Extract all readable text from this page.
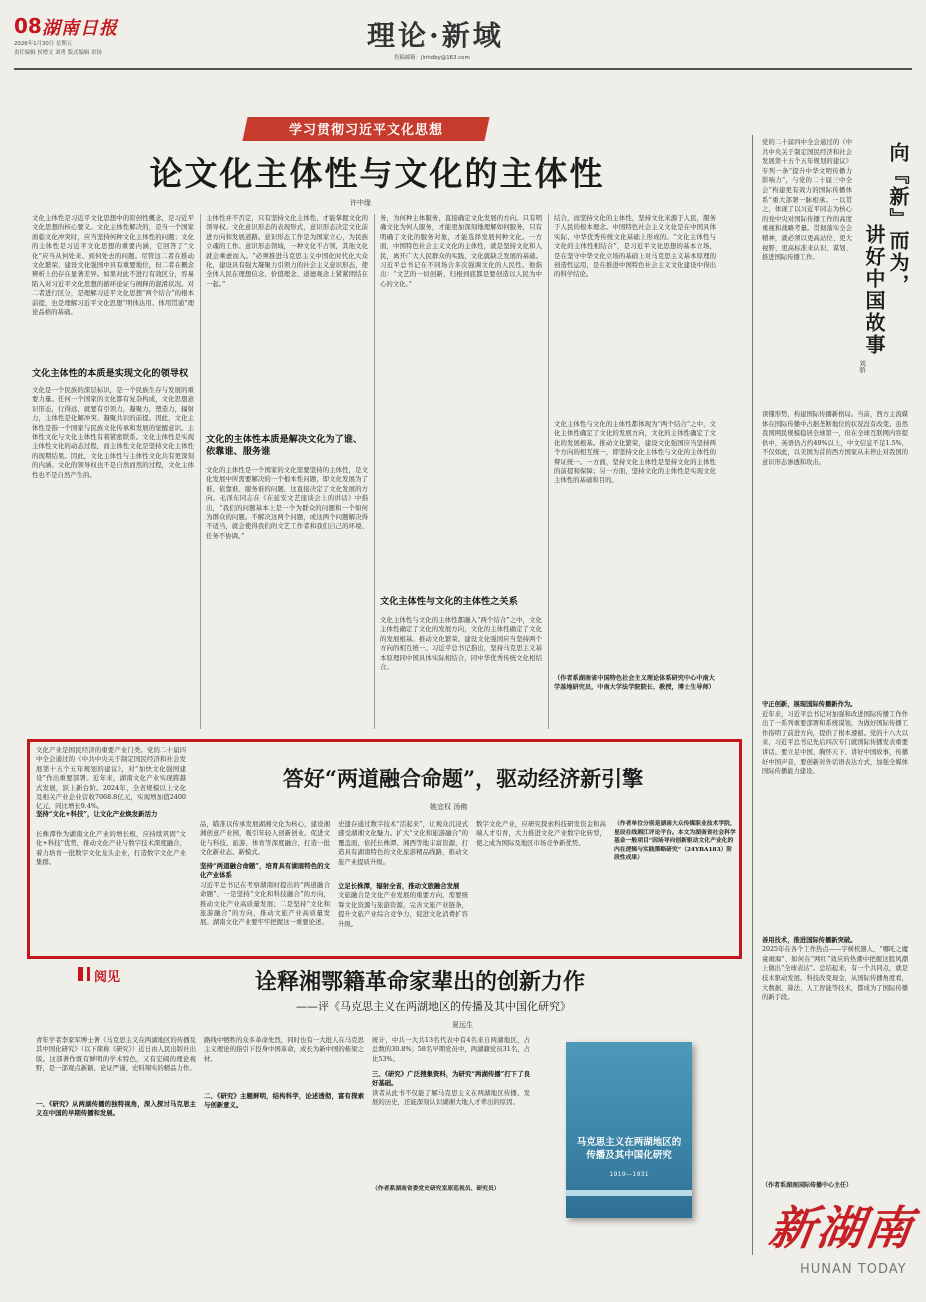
08 湖南日报
2026年1月30日 星期五
责任编辑 侯增文 刘勇 版式编辑 余扬
理论·新域
投稿邮箱：jlnhdby@163.com
学习贯彻习近平文化思想
论文化主体性与文化的主体性
许中缘
文化主体性是习近平文化思想中的原创性概念，是习近平文化思想的核心要义。文化主体性解决的，是当一个国家面临文化冲突时，应当坚持何种文化主体性的问题；文化的主体性是习近平文化思想的重要内涵，它回答了“文化”应当从何处来、到何处去的问题。尽管这二者在推动文化繁荣、建设文化强国中具有重要地位，但二者在概念辨析上仍存在显著差异。如果对此不进行有效区分，容易陷入对习近平文化思想的循环论证与阐释的混淆状况。对二者进行区分，是理解习近平文化思想“两个结合”的根本前提，也是理解习近平文化思想“明体达用、体用贯通”理论品格的基础。
文化主体性的本质是实现文化的领导权
文化是一个民族的深层标识，是一个民族生存与发展的重要力量。任何一个国家的文化都有复杂构成，文化思想意识形态，行得远，就要有引领力，凝聚力，塑造力，辐射力，主体性是化解冲突、凝聚共识的前提。因此，文化主体性是指一个国家与民族文化传承和发展的觉醒意识。主体性文化与文化主体性有着紧密联系。文化主体性是实现主体性文化的动态过程，而主体性文化是坚持文化主体性的现期结果。因此，文化主体性与主体性文化共有更深刻的内涵。文化的领导权也不是自然而然的过程，文化主体性也不是自然产生的。
主体性并不否定，只有坚持文化主体性，才能掌握文化的领导权。文化意识形态的表现形式，意识形态决定文化前进方向和发展道路。意识形态工作是为国家立心，为民族立魂的工作。意识形态领域，一种文化不占领，其他文化就会乘虚而入。“必须推进马克思主义中国化时代化大众化，建设具有强大凝聚力引领力的社会主义意识形态，使全体人民在理想信念、价值理念、道德观念上紧紧团结在一起。”
文化的主体性本质是解决文化为了谁、依靠谁、服务谁
文化的主体性是一个国家的文化需要坚持的主体性，是文化发展中所需要解决的一个根本性问题，即文化发展为了谁、依靠谁、服务谁的问题，这直接决定了文化发展的方向。毛泽东同志在《在延安文艺座谈会上的讲话》中指出，“我们的问题基本上是一个为群众的问题和一个如何为群众的问题。不解决这两个问题，或这两个问题解决得不适当，就会使得我们的文艺工作者和我们自己的环境、任务不协调。”
务，为何种主体服务，直接确定文化发展的方向。只有明确文化为何人服务，才能更加深刻地理解如何服务，只有明确了文化的服务对象，才能选择发展何种文化。一方面，中国特色社会主义文化的主体性，就是坚持文化和人民，离开广大人民群众的实践，文化就缺乏发展的基础。习近平总书记在不同场合多次强调文化的人民性。他指出：“文艺的一切创新，归根到底都是要创造以人民为中心的文化。”
文化主体性与文化的主体性之关系
文化主体性与文化的主体性都融入“两个结合”之中，文化主体性确定了文化的发展方向，文化的主体性确定了文化的发展根基。推动文化繁荣、建设文化强国应当坚持两个方向的相互统一。习近平总书记指出，坚持马克思主义基本原理同中国具体实际相结合，同中华优秀传统文化相结合。
结合，而坚持文化的主体性，坚持文化来源于人民，服务于人民的根本理念。中国特色社会主义文化是在中国具体实际、中华优秀传统文化基础上形成的。“文化主体性与文化的主体性相结合”，是习近平文化思想的基本立场，是在坚守中华文化立场的基础上对马克思主义基本原理的创造性运用，是在推进中国特色社会主义文化建设中得出的科学结论。
文化主体性与文化的主体性都体现为“两个结合”之中，文化主体性确定了文化的发展方向，文化的主体性确定了文化的发展根基。推动文化繁荣，建设文化强国应当坚持两个方向的相互统一，即坚持文化主体性与文化的主体性的辩证统一。一方面，坚持文化主体性是坚持文化的主体性的前提和保障；另一方面，坚持文化的主体性是实现文化主体性的基础和目的。
（作者系湖南省中国特色社会主义理论体系研究中心中南大学基地研究员，中南大学法学院院长、教授，博士生导师）
党的二十届四中全会通过的《中共中央关于制定国民经济和社会发展第十五个五年规划的建议》专列一条“提升中华文明传播力影响力”，与党的二十届三中全会“构建更有效力的国际传播体系”重大部署一脉相承。一以贯之，体现了以习近平同志为核心的党中央对国际传播工作的高度重视和战略考量。贯彻落实全会精神，就必须以更高站位、更大视野、更高标准来认识、谋划、推进国际传播工作。	向『新』而为，
讲好中国故事
刘骄
读懂形势，构建国际传播新格局。当前，西方主流媒体在国际传播中占据垄断地位的状况没有改变。虽然我国网民规模稳居全球第一，但在全球互联网内容提供中，英语仍占约49%以上，中文信息不足1.5%，不仅如此，以美国为首的西方国家从未停止对我国的意识形态渗透和攻击。
守正创新，展现国际传播新作为。
近年来，习近平总书记对加强和改进国际传播工作作出了一系列重要部署和系统谋划，为做好国际传播工作指明了前进方向，提供了根本遵循。党的十八大以来，习近平总书记先后四次专门就国际传播发表重要讲话。要立足中国、胸怀天下、讲好中国故事，传播好中国声音，要创新对外话语表达方式，加强全媒体国际传播能力建设。
善用技术，推进国际传播新突破。
2025年在各个工作热点——宇树机器人、“哪吒之魔童闹海”、如何在“网红”效应的热潮中把握这股风潮上做出“全球表达”。总结起来，有一个共同点，就是技术驱动发展。科技改变现金，从国际传播角度看，大数据、算法、人工智能等技术，都成为了国际传播的新手段。
（作者系湖南国际传播中心主任）
文化产业是国民经济的重要产业门类。党的二十届四中全会通过的《中共中央关于制定国民经济和社会发展第十五个五年规划的建议》，对“加快文化强国建设”作出重要部署。近年来，湖南文化产业实现跨越式发展，跃上新台阶。2024年，全省规模以上文化及相关产业企业营收7068.8亿元，实现增加值2400亿元，同比增长9.4%。
坚持“文化+科技”，让文化产业焕发新活力
长株潭作为湖南文化产业的增长极，应持续巩固“文化+科技”优势，推动文化产业与数字技术深度融合，着力培育一批数字文化龙头企业，打造数字文化产业集群。
答好“两道融合命题”，驱动经济新引擎
姚宜权 汤佛
品，瞄准以传承发展湖湘文化为核心，建设湘湘创意产业园，吸引年轻人创新创业。促进文化与科技、旅游、体育等深度融合，打造一批文化新业态、新模式。
坚持“两道融合命题”，培育具有湖南特色的文化产业体系
习近平总书记在考察湖南时提出的“两道融合命题”，一是坚持“文化和科技融合”的方向，推动文化产业高质量发展；二是坚持“文化和旅游融合”的方向，推动文旅产业高质量发展。湖南文化产业要牢牢把握这一重要论述。
史遗存通过数字技术“活起来”，让观众沉浸式感受湖湘文化魅力。扩大“文化和旅游融合”的覆盖面，依托长株潭、湘西等地丰富资源，打造具有湖南特色的文化旅游精品线路，推动文旅产业提质升级。
立足长株潭，辐射全省，推动文旅融合发展
文旅融合是文化产业发展的重要方向，需要统筹文化资源与旅游资源，完善文旅产业链条，提升文旅产业综合竞争力，促进文化消费扩容升级。
数字文化产业，应研究探索科技研发资金和高端人才引育，大力推进文化产业数字化转型，使之成为国际及地区市场竞争新优势。
（作者单位分别是湖南大众传媒职业技术学院，星辰在线湘江评论平台。本文为湖南省社会科学基金一般项目“因场导向创新驱动文化产业化的内在逻辑与实践策略研究”（24YBA183）阶段性成果）
阅见	诠释湘鄂籍革命家辈出的创新力作
——评《马克思主义在两湖地区的传播及其中国化研究》
夏远生
青年学者李家军博士著《马克思主义在两湖地区的传播及其中国化研究》（以下简称《研究》）近日由人民出版社出版。这部著作既有鲜明的学术特色，又有宏阔的理论视野，是一部观点新颖、论证严谨、史料翔实的精品力作。
一、《研究》从两湖传播的独特视角，深入探讨马克思主义在中国的早期传播和发展。
路线中牺牲的众多革命先烈，同时也有一大批人在马克思主义理论的指引下投身中国革命，成长为新中国的栋梁之材。
二、《研究》主题鲜明，结构科学，论述透彻，富有探索与创新意义。
统计，中共一大共13名代表中有4名来自两湖地区，占总数的30.8%；58名早期党员中，两湖籍党员31名，占比53%。
三、《研究》广泛搜集资料，为研究“两湖传播”打下了良好基础。
读者从此书不仅能了解马克思主义在两湖地区传播、发展的历史，还能深刻认识湖湘大地人才辈出的原因。
（作者系湖南省委党史研究室原巡视员、研究员）
马克思主义在两湖地区的传播及其中国化研究
1919—1931
新湖南
HUNAN TODAY
